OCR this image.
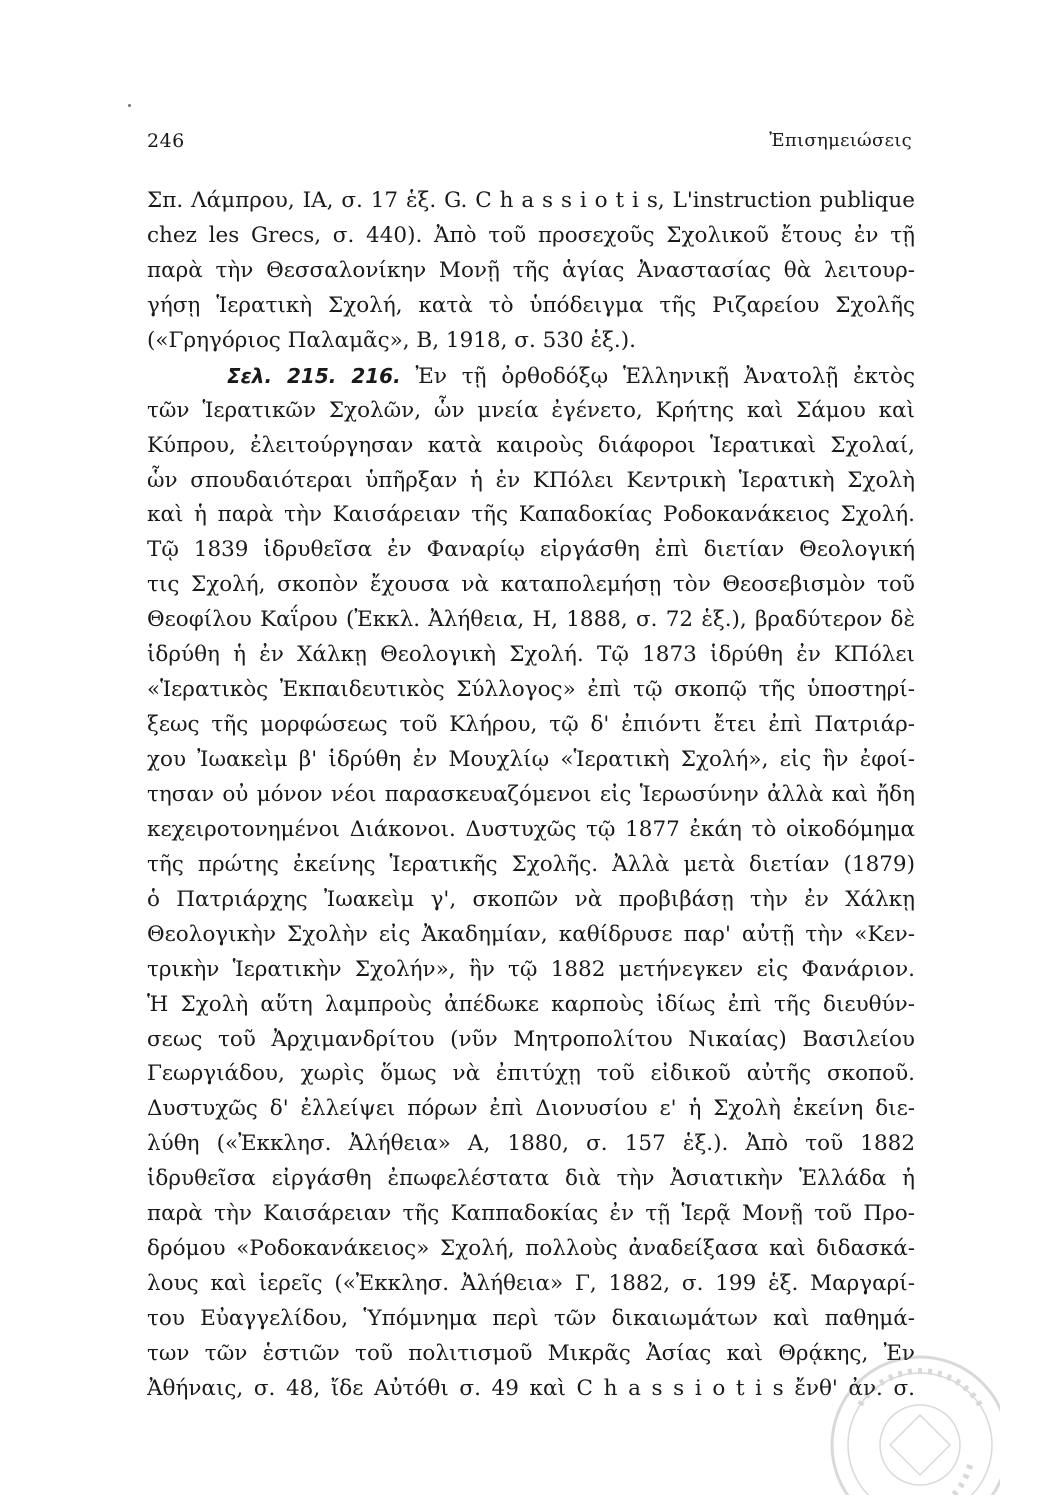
246	Ἐπισημειώσεις
Σπ. Λάμπρου, ΙΑ, σ. 17 ἑξ. G. C h a s s i o t i s, L'instruction publique
chez les Grecs, σ. 440). Ἀπὸ τοῦ προσεχοῦς Σχολικοῦ ἔτους ἐν τῇ
παρὰ τὴν Θεσσαλονίκην Μονῇ τῆς ἁγίας Ἀναστασίας θὰ λειτουρ-
γήσῃ Ἱερατικὴ Σχολή, κατὰ τὸ ὑπόδειγμα τῆς Ριζαρείου Σχολῆς
(«Γρηγόριος Παλαμᾶς», Β, 1918, σ. 530 ἑξ.).
Σελ. 215. 216. Ἐν τῇ ὀρθοδόξῳ Ἑλληνικῇ Ἀνατολῇ ἐκτὸς
τῶν Ἱερατικῶν Σχολῶν, ὧν μνεία ἐγένετο, Κρήτης καὶ Σάμου καὶ
Κύπρου, ἐλειτούργησαν κατὰ καιροὺς διάφοροι Ἱερατικαὶ Σχολαί,
ὧν σπουδαιότεραι ὑπῆρξαν ἡ ἐν ΚΠόλει Κεντρικὴ Ἱερατικὴ Σχολὴ
καὶ ἡ παρὰ τὴν Καισάρειαν τῆς Καπαδοκίας Ροδοκανάκειος Σχολή.
Τῷ 1839 ἱδρυθεῖσα ἐν Φαναρίῳ εἰργάσθη ἐπὶ διετίαν Θεολογική
τις Σχολή, σκοπὸν ἔχουσα νὰ καταπολεμήσῃ τὸν Θεοσεβισμὸν τοῦ
Θεοφίλου Καΐρου (Ἐκκλ. Ἀλήθεια, Η, 1888, σ. 72 ἑξ.), βραδύτερον δὲ
ἱδρύθη ἡ ἐν Χάλκῃ Θεολογικὴ Σχολή. Τῷ 1873 ἱδρύθη ἐν ΚΠόλει
«Ἱερατικὸς Ἐκπαιδευτικὸς Σύλλογος» ἐπὶ τῷ σκοπῷ τῆς ὑποστηρί-
ξεως τῆς μορφώσεως τοῦ Κλήρου, τῷ δ' ἐπιόντι ἔτει ἐπὶ Πατριάρ-
χου Ἰωακεὶμ β' ἱδρύθη ἐν Μουχλίῳ «Ἱερατικὴ Σχολή», εἰς ἣν ἐφοί-
τησαν οὐ μόνον νέοι παρασκευαζόμενοι εἰς Ἱερωσύνην ἀλλὰ καὶ ἤδη
κεχειροτονημένοι Διάκονοι. Δυστυχῶς τῷ 1877 ἐκάη τὸ οἰκοδόμημα
τῆς πρώτης ἐκείνης Ἱερατικῆς Σχολῆς. Ἀλλὰ μετὰ διετίαν (1879)
ὁ Πατριάρχης Ἰωακεὶμ γ', σκοπῶν νὰ προβιβάσῃ τὴν ἐν Χάλκῃ
Θεολογικὴν Σχολὴν εἰς Ἀκαδημίαν, καθίδρυσε παρ' αὐτῇ τὴν «Κεν-
τρικὴν Ἱερατικὴν Σχολήν», ἣν τῷ 1882 μετήνεγκεν εἰς Φανάριον.
Ἡ Σχολὴ αὕτη λαμπροὺς ἀπέδωκε καρποὺς ἰδίως ἐπὶ τῆς διευθύν-
σεως τοῦ Ἀρχιμανδρίτου (νῦν Μητροπολίτου Νικαίας) Βασιλείου
Γεωργιάδου, χωρὶς ὅμως νὰ ἐπιτύχῃ τοῦ εἰδικοῦ αὐτῆς σκοποῦ.
Δυστυχῶς δ' ἐλλείψει πόρων ἐπὶ Διονυσίου ε' ἡ Σχολὴ ἐκείνη διε-
λύθη («Ἐκκλησ. Ἀλήθεια» Α, 1880, σ. 157 ἑξ.). Ἀπὸ τοῦ 1882
ἱδρυθεῖσα εἰργάσθη ἐπωφελέστατα διὰ τὴν Ἀσιατικὴν Ἑλλάδα ἡ
παρὰ τὴν Καισάρειαν τῆς Καππαδοκίας ἐν τῇ Ἱερᾷ Μονῇ τοῦ Προ-
δρόμου «Ροδοκανάκειος» Σχολή, πολλοὺς ἀναδείξασα καὶ διδασκά-
λους καὶ ἱερεῖς («Ἐκκλησ. Ἀλήθεια» Γ, 1882, σ. 199 ἑξ. Μαργαρί-
του Εὐαγγελίδου, Ὑπόμνημα περὶ τῶν δικαιωμάτων καὶ παθημά-
των τῶν ἑστιῶν τοῦ πολιτισμοῦ Μικρᾶς Ἀσίας καὶ Θρᾴκης, Ἐν
Ἀθήναις, σ. 48, ἴδε Αὐτόθι σ. 49 καὶ C h a s s i o t i s ἔνθ' ἀν. σ.
